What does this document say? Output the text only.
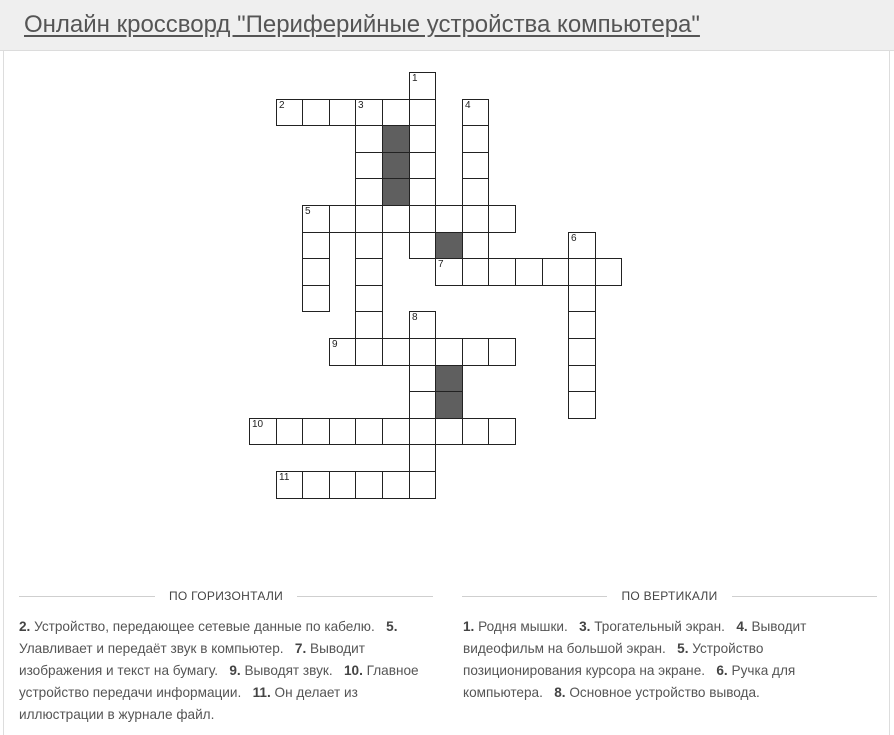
Онлайн кроссворд "Периферийные устройства компьютера"
1
2	3	4
5
6
7
8
9
10
11
ПО ГОРИЗОНТАЛИ	ПО ВЕРТИКАЛИ
2. Устройство, передающее сетевые данные по кабелю. 5. Улавливает и передаёт звук в компьютер. 7. Выводит изображения и текст на бумагу. 9. Выводят звук. 10. Главное устройство передачи информации. 11. Он делает из иллюстрации в журнале файл.
1. Родня мышки. 3. Трогательный экран. 4. Выводит видеофильм на большой экран. 5. Устройство позиционирования курсора на экране. 6. Ручка для компьютера. 8. Основное устройство вывода.
